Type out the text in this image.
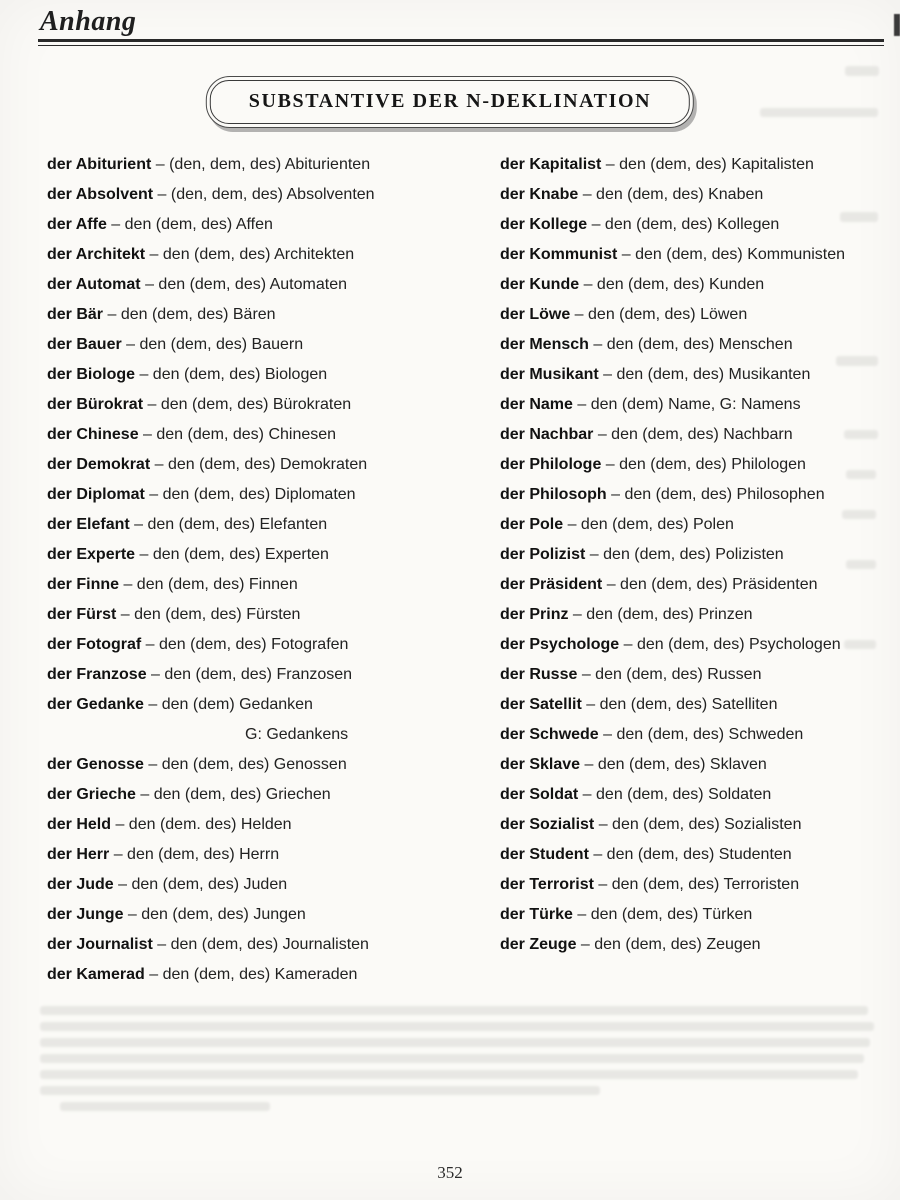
Anhang
SUBSTANTIVE DER N-DEKLINATION
der Abiturient – (den, dem, des) Abiturienten
der Absolvent – (den, dem, des) Absolventen
der Affe – den (dem, des) Affen
der Architekt – den (dem, des) Architekten
der Automat – den (dem, des) Automaten
der Bär – den (dem, des) Bären
der Bauer – den (dem, des) Bauern
der Biologe – den (dem, des) Biologen
der Bürokrat – den (dem, des) Bürokraten
der Chinese – den (dem, des) Chinesen
der Demokrat – den (dem, des) Demokraten
der Diplomat – den (dem, des) Diplomaten
der Elefant – den (dem, des) Elefanten
der Experte – den (dem, des) Experten
der Finne – den (dem, des) Finnen
der Fürst – den (dem, des) Fürsten
der Fotograf – den (dem, des) Fotografen
der Franzose – den (dem, des) Franzosen
der Gedanke – den (dem) Gedanken
G: Gedankens
der Genosse – den (dem, des) Genossen
der Grieche – den (dem, des) Griechen
der Held – den (dem. des) Helden
der Herr – den (dem, des) Herrn
der Jude – den (dem, des) Juden
der Junge – den (dem, des) Jungen
der Journalist – den (dem, des) Journalisten
der Kamerad – den (dem, des) Kameraden
der Kapitalist – den (dem, des) Kapitalisten
der Knabe – den (dem, des) Knaben
der Kollege – den (dem, des) Kollegen
der Kommunist – den (dem, des) Kommunisten
der Kunde – den (dem, des) Kunden
der Löwe – den (dem, des) Löwen
der Mensch – den (dem, des) Menschen
der Musikant – den (dem, des) Musikanten
der Name – den (dem) Name, G: Namens
der Nachbar – den (dem, des) Nachbarn
der Philologe – den (dem, des) Philologen
der Philosoph – den (dem, des) Philosophen
der Pole – den (dem, des) Polen
der Polizist – den (dem, des) Polizisten
der Präsident – den (dem, des) Präsidenten
der Prinz – den (dem, des) Prinzen
der Psychologe – den (dem, des) Psychologen
der Russe – den (dem, des) Russen
der Satellit – den (dem, des) Satelliten
der Schwede – den (dem, des) Schweden
der Sklave – den (dem, des) Sklaven
der Soldat – den (dem, des) Soldaten
der Sozialist – den (dem, des) Sozialisten
der Student – den (dem, des) Studenten
der Terrorist – den (dem, des) Terroristen
der Türke – den (dem, des) Türken
der Zeuge – den (dem, des) Zeugen
352
